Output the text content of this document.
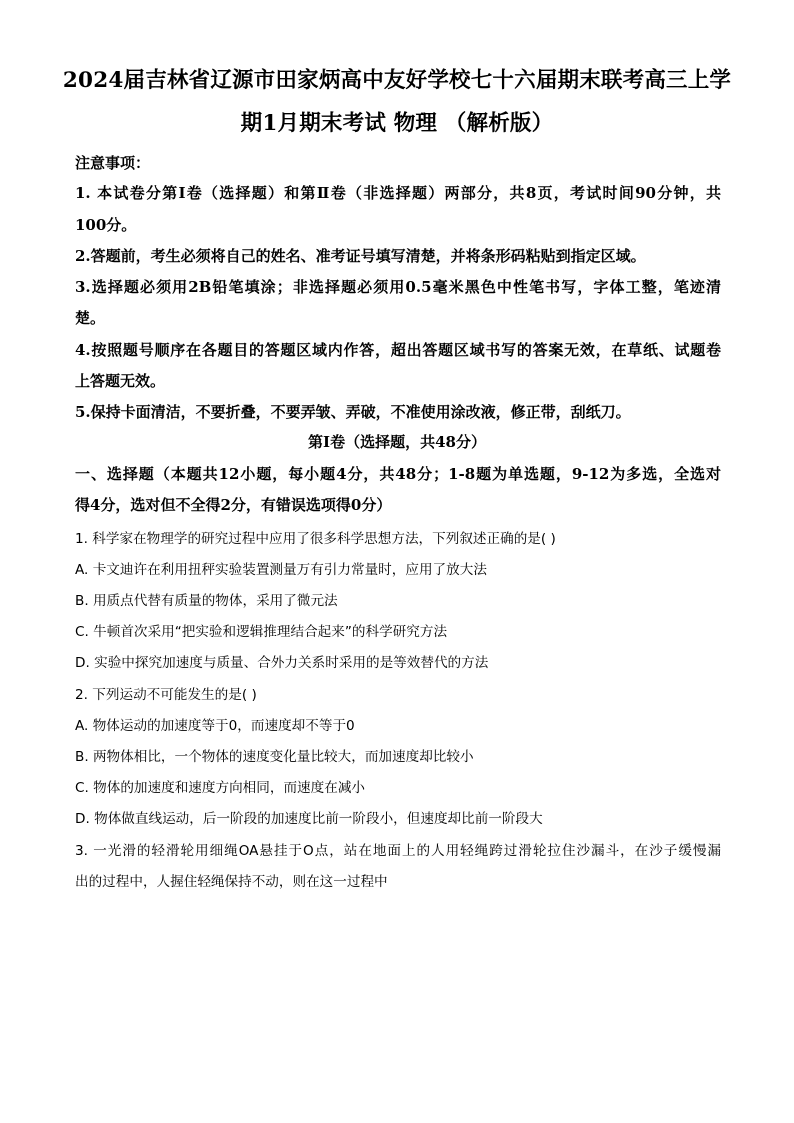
2024届吉林省辽源市田家炳高中友好学校七十六届期末联考高三上学
期1月期末考试 物理 （解析版）
注意事项：
1. 本试卷分第Ⅰ卷（选择题）和第Ⅱ卷（非选择题）两部分，共8页，考试时间90分钟，共
100分。
2.答题前，考生必须将自己的姓名、准考证号填写清楚，并将条形码粘贴到指定区域。
3.选择题必须用2B铅笔填涂；非选择题必须用0.5毫米黑色中性笔书写，字体工整，笔迹清
楚。
4.按照题号顺序在各题目的答题区域内作答，超出答题区域书写的答案无效，在草纸、试题卷
上答题无效。
5.保持卡面清洁，不要折叠，不要弄皱、弄破，不准使用涂改液，修正带，刮纸刀。
第Ⅰ卷（选择题，共48分）
一、选择题（本题共12小题，每小题4分，共48分；1-8题为单选题，9-12为多选，全选对
得4分，选对但不全得2分，有错误选项得0分）
1. 科学家在物理学的研究过程中应用了很多科学思想方法，下列叙述正确的是( )
A. 卡文迪许在利用扭秤实验装置测量万有引力常量时，应用了放大法
B. 用质点代替有质量的物体，采用了微元法
C. 牛顿首次采用“把实验和逻辑推理结合起来”的科学研究方法
D. 实验中探究加速度与质量、合外力关系时采用的是等效替代的方法
2. 下列运动不可能发生的是( )
A. 物体运动的加速度等于0，而速度却不等于0
B. 两物体相比，一个物体的速度变化量比较大，而加速度却比较小
C. 物体的加速度和速度方向相同，而速度在减小
D. 物体做直线运动，后一阶段的加速度比前一阶段小，但速度却比前一阶段大
3. 一光滑的轻滑轮用细绳OA悬挂于O点，站在地面上的人用轻绳跨过滑轮拉住沙漏斗，在沙子缓慢漏
出的过程中，人握住轻绳保持不动，则在这一过程中
